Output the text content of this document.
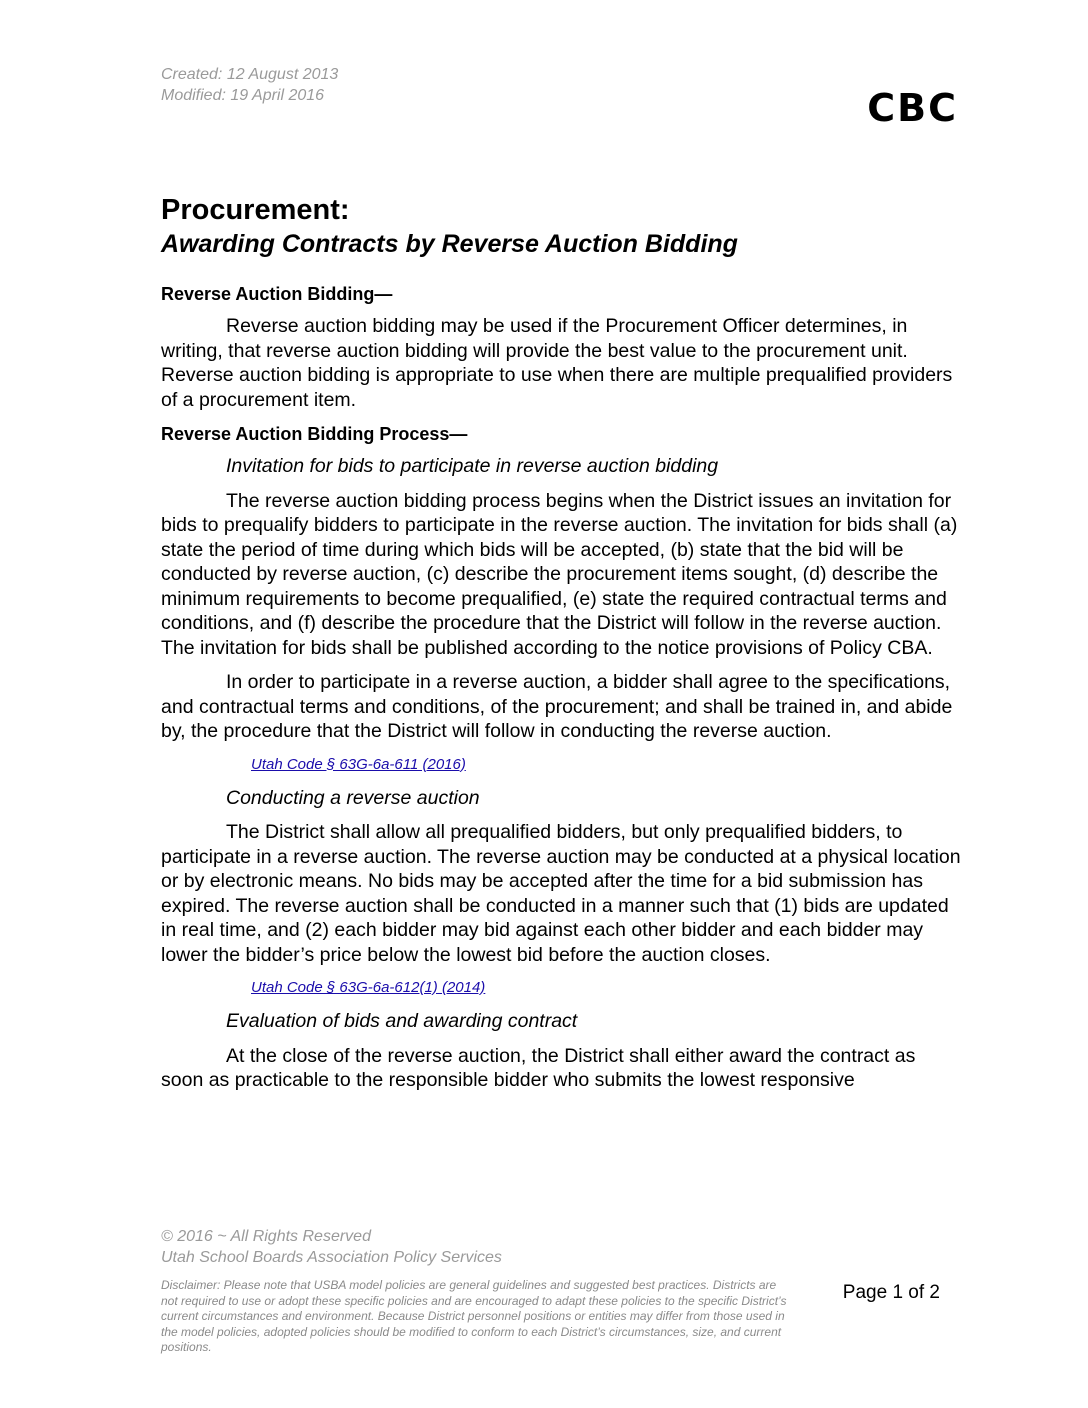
Created: 12 August 2013
Modified: 19 April 2016	CBC
Procurement:
Awarding Contracts by Reverse Auction Bidding
Reverse Auction Bidding—

Reverse auction bidding may be used if the Procurement Officer determines, in writing, that reverse auction bidding will provide the best value to the procurement unit. Reverse auction bidding is appropriate to use when there are multiple prequalified providers of a procurement item.

Reverse Auction Bidding Process—

Invitation for bids to participate in reverse auction bidding

The reverse auction bidding process begins when the District issues an invitation for bids to prequalify bidders to participate in the reverse auction. The invitation for bids shall (a) state the period of time during which bids will be accepted, (b) state that the bid will be conducted by reverse auction, (c) describe the procurement items sought, (d) describe the minimum requirements to become prequalified, (e) state the required contractual terms and conditions, and (f) describe the procedure that the District will follow in the reverse auction. The invitation for bids shall be published according to the notice provisions of Policy CBA.

In order to participate in a reverse auction, a bidder shall agree to the specifications, and contractual terms and conditions, of the procurement; and shall be trained in, and abide by, the procedure that the District will follow in conducting the reverse auction.

Utah Code § 63G-6a-611 (2016)

Conducting a reverse auction

The District shall allow all prequalified bidders, but only prequalified bidders, to participate in a reverse auction. The reverse auction may be conducted at a physical location or by electronic means. No bids may be accepted after the time for a bid submission has expired. The reverse auction shall be conducted in a manner such that (1) bids are updated in real time, and (2) each bidder may bid against each other bidder and each bidder may lower the bidder’s price below the lowest bid before the auction closes.

Utah Code § 63G-6a-612(1) (2014)

Evaluation of bids and awarding contract

At the close of the reverse auction, the District shall either award the contract as soon as practicable to the responsible bidder who submits the lowest responsive

© 2016 ~ All Rights Reserved
Utah School Boards Association Policy Services
Disclaimer: Please note that USBA model policies are general guidelines and suggested best practices. Districts are not required to use or adopt these specific policies and are encouraged to adapt these policies to the specific District’s current circumstances and environment. Because District personnel positions or entities may differ from those used in the model policies, adopted policies should be modified to conform to each District’s circumstances, size, and current positions.
Page 1 of 2
